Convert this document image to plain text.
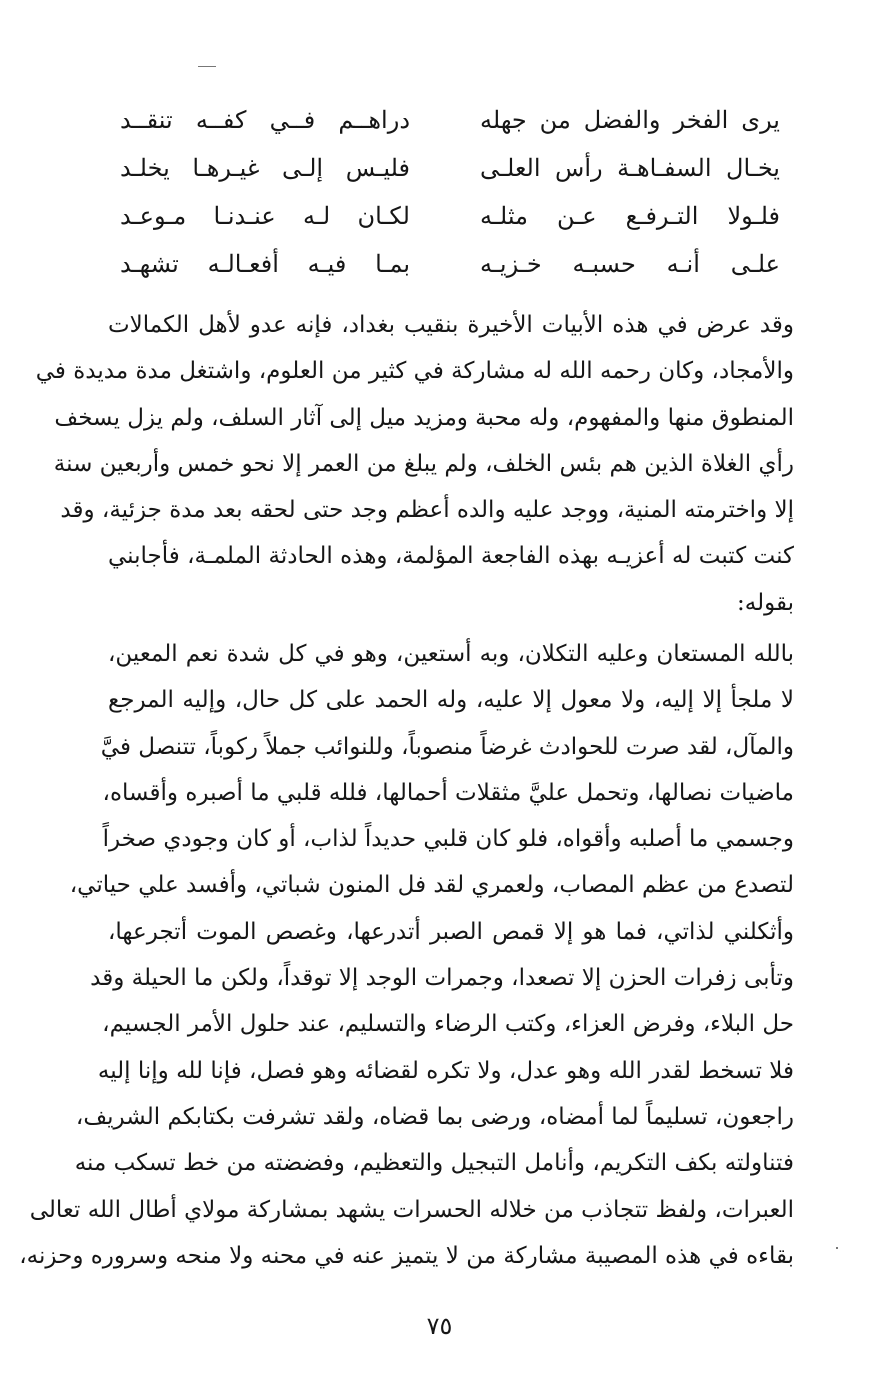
يرى الفخر والفضل من جهله
دراهــم فــي كفــه تنقــد
يخـال السفـاهـة رأس العلـى
فليـس إلـى غيـرهـا يخلـد
فلـولا التـرفـع عـن مثلـه
لكـان لـه عنـدنـا مـوعـد
علـى أنـه حسبـه خـزيـه
بمـا فيـه أفعـالـه تشهـد
وقد عرض في هذه الأبيات الأخيرة بنقيب بغداد، فإنه عدو لأهل الكمالات
والأمجاد، وكان رحمه الله له مشاركة في كثير من العلوم، واشتغل مدة مديدة في
المنطوق منها والمفهوم، وله محبة ومزيد ميل إلى آثار السلف، ولم يزل يسخف
رأي الغلاة الذين هم بئس الخلف، ولم يبلغ من العمر إلا نحو خمس وأربعين سنة
إلا واخترمته المنية، ووجد عليه والده أعظم وجد حتى لحقه بعد مدة جزئية، وقد
كنت كتبت له أعزيـه بهذه الفاجعة المؤلمة، وهذه الحادثة الملمـة، فأجابني
بقوله:
بالله المستعان وعليه التكلان، وبه أستعين، وهو في كل شدة نعم المعين،
لا ملجأ إلا إليه، ولا معول إلا عليه، وله الحمد على كل حال، وإليه المرجع
والمآل، لقد صرت للحوادث غرضاً منصوباً، وللنوائب جملاً ركوباً، تتنصل فيَّ
ماضيات نصالها، وتحمل عليَّ مثقلات أحمالها، فلله قلبي ما أصبره وأقساه،
وجسمي ما أصلبه وأقواه، فلو كان قلبي حديداً لذاب، أو كان وجودي صخراً
لتصدع من عظم المصاب، ولعمري لقد فل المنون شباتي، وأفسد علي حياتي،
وأثكلني لذاتي، فما هو إلا قمص الصبر أتدرعها، وغصص الموت أتجرعها،
وتأبى زفرات الحزن إلا تصعدا، وجمرات الوجد إلا توقداً، ولكن ما الحيلة وقد
حل البلاء، وفرض العزاء، وكتب الرضاء والتسليم، عند حلول الأمر الجسيم،
فلا تسخط لقدر الله وهو عدل، ولا تكره لقضائه وهو فصل، فإنا لله وإنا إليه
راجعون، تسليماً لما أمضاه، ورضى بما قضاه، ولقد تشرفت بكتابكم الشريف،
فتناولته بكف التكريم، وأنامل التبجيل والتعظيم، وفضضته من خط تسكب منه
العبرات، ولفظ تتجاذب من خلاله الحسرات يشهد بمشاركة مولاي أطال الله تعالى
بقاءه في هذه المصيبة مشاركة من لا يتميز عنه في محنه ولا منحه وسروره وحزنه،
٧٥
